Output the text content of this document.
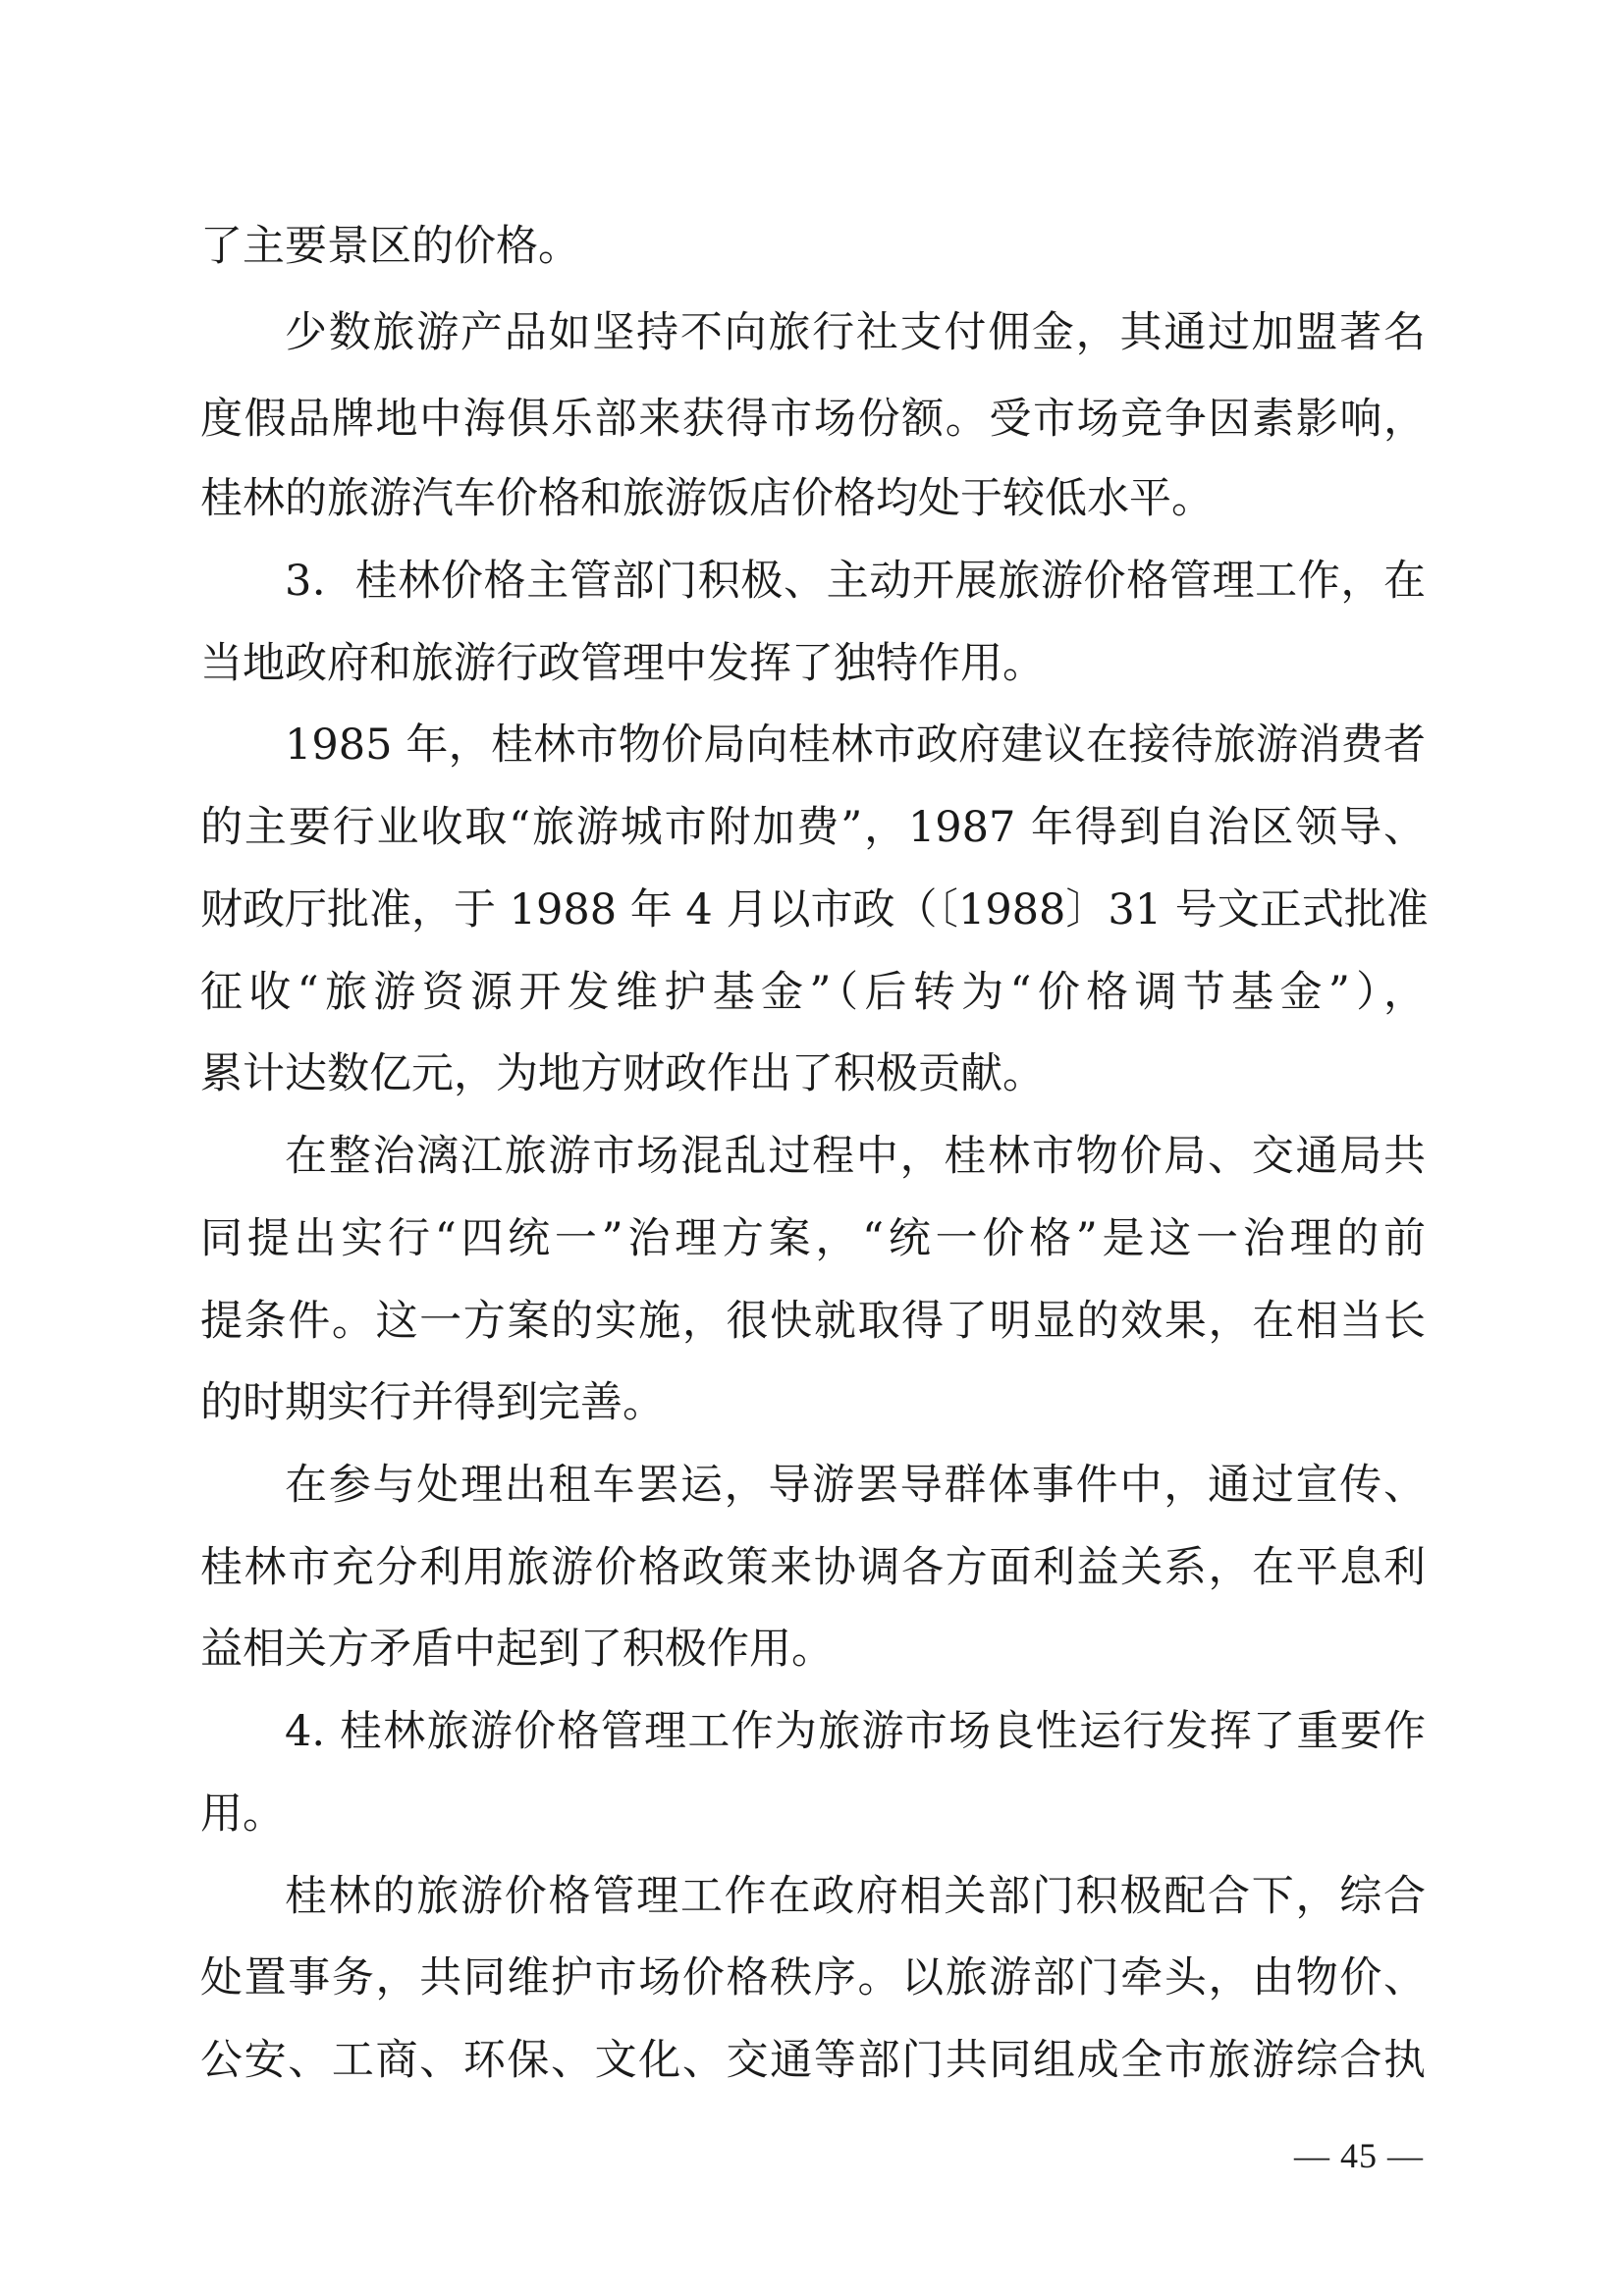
了主要景区的价格。
少数旅游产品如坚持不向旅行社支付佣金，其通过加盟著名
度假品牌地中海俱乐部来获得市场份额。受市场竞争因素影响，
桂林的旅游汽车价格和旅游饭店价格均处于较低水平。
3．桂林价格主管部门积极、主动开展旅游价格管理工作，在
当地政府和旅游行政管理中发挥了独特作用。
1985 年，桂林市物价局向桂林市政府建议在接待旅游消费者
的主要行业收取“旅游城市附加费”，1987 年得到自治区领导、
财政厅批准，于 1988 年 4 月以市政（〔1988〕31 号文正式批准
征收“旅游资源开发维护基金”（后转为“价格调节基金”），
累计达数亿元，为地方财政作出了积极贡献。
在整治漓江旅游市场混乱过程中，桂林市物价局、交通局共
同提出实行“四统一”治理方案，“统一价格”是这一治理的前
提条件。这一方案的实施，很快就取得了明显的效果，在相当长
的时期实行并得到完善。
在参与处理出租车罢运，导游罢导群体事件中，通过宣传、
桂林市充分利用旅游价格政策来协调各方面利益关系，在平息利
益相关方矛盾中起到了积极作用。
4. 桂林旅游价格管理工作为旅游市场良性运行发挥了重要作
用。
桂林的旅游价格管理工作在政府相关部门积极配合下，综合
处置事务，共同维护市场价格秩序。以旅游部门牵头，由物价、
公安、工商、环保、文化、交通等部门共同组成全市旅游综合执
— 45 —
